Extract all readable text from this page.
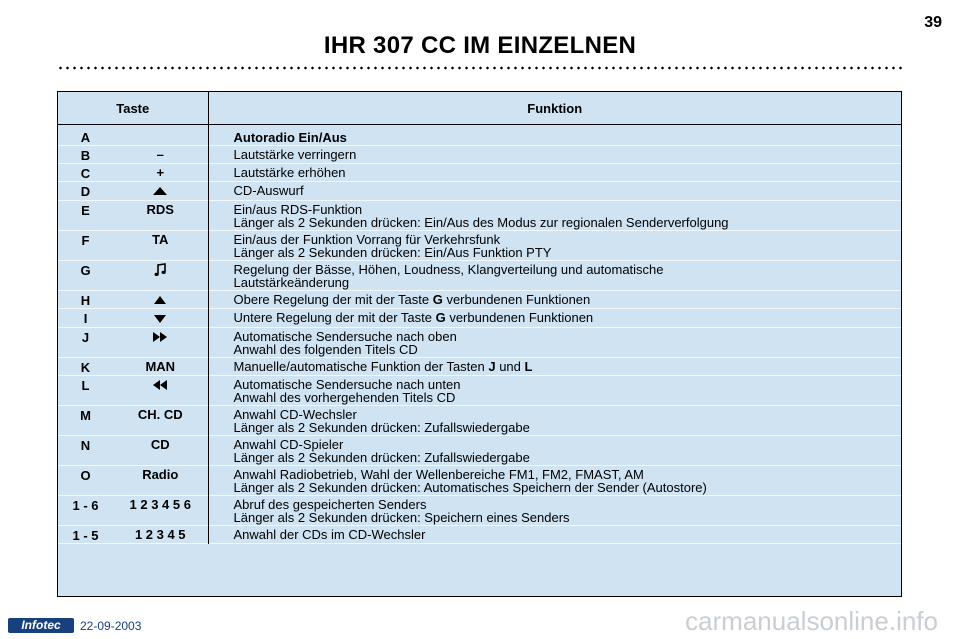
IHR 307 CC IM EINZELNEN
39
Taste		Funktion
A		Autoradio Ein/Aus

B	–	Lautstärke verringern

C	+	Lautstärke erhöhen

D		CD-Auswurf

E	RDS	Ein/aus RDS-Funktion
Länger als 2 Sekunden drücken: Ein/Aus des Modus zur regionalen Senderverfolgung

F	TA	Ein/aus der Funktion Vorrang für Verkehrsfunk
Länger als 2 Sekunden drücken: Ein/Aus Funktion PTY

G		Regelung der Bässe, Höhen, Loudness, Klangverteilung und automatische
Lautstärkeänderung

H		Obere Regelung der mit der Taste G verbundenen Funktionen

I		Untere Regelung der mit der Taste G verbundenen Funktionen

J		Automatische Sendersuche nach oben
Anwahl des folgenden Titels CD

K	MAN	Manuelle/automatische Funktion der Tasten J und L

L		Automatische Sendersuche nach unten
Anwahl des vorhergehenden Titels CD

M	CH. CD	Anwahl CD-Wechsler
Länger als 2 Sekunden drücken: Zufallswiedergabe

N	CD	Anwahl CD-Spieler
Länger als 2 Sekunden drücken: Zufallswiedergabe

O	Radio	Anwahl Radiobetrieb, Wahl der Wellenbereiche FM1, FM2, FMAST, AM
Länger als 2 Sekunden drücken: Automatisches Speichern der Sender (Autostore)

1 - 6	1 2 3 4 5 6	Abruf des gespeicherten Senders
Länger als 2 Sekunden drücken: Speichern eines Senders

1 - 5	1 2 3 4 5	Anwahl der CDs im CD-Wechsler
Infotec	22-09-2003	carmanualsonline.info
